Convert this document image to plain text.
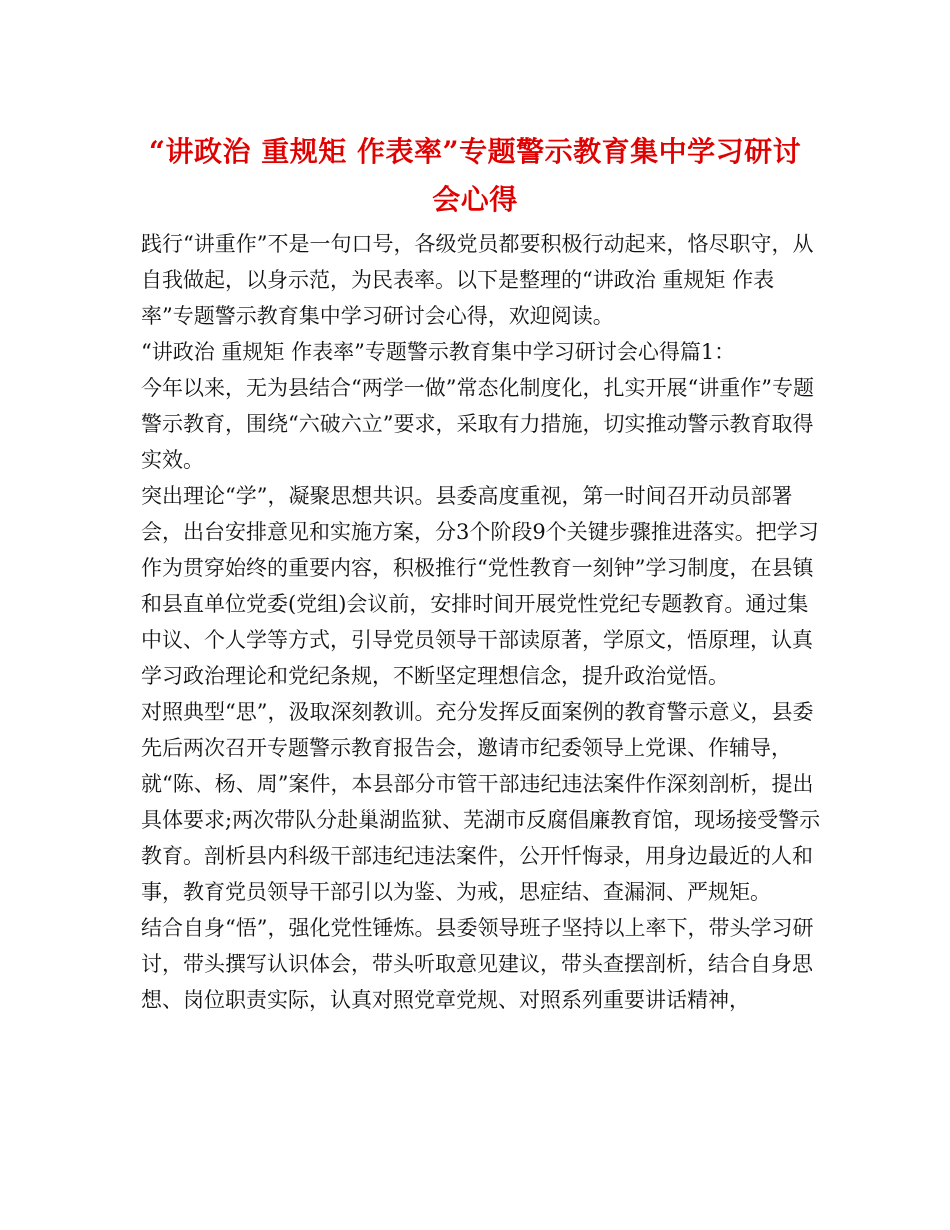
“讲政治 重规矩 作表率”专题警示教育集中学习研讨
会心得

践行“讲重作”不是一句口号，各级党员都要积极行动起来，恪尽职守，从自我做起，以身示范，为民表率。以下是整理的“讲政治 重规矩 作表率”专题警示教育集中学习研讨会心得，欢迎阅读。

“讲政治 重规矩 作表率”专题警示教育集中学习研讨会心得篇1：

今年以来，无为县结合“两学一做”常态化制度化，扎实开展“讲重作”专题警示教育，围绕“六破六立”要求，采取有力措施，切实推动警示教育取得实效。

突出理论“学”，凝聚思想共识。县委高度重视，第一时间召开动员部署会，出台安排意见和实施方案，分3个阶段9个关键步骤推进落实。把学习作为贯穿始终的重要内容，积极推行“党性教育一刻钟”学习制度，在县镇和县直单位党委(党组)会议前，安排时间开展党性党纪专题教育。通过集中议、个人学等方式，引导党员领导干部读原著，学原文，悟原理，认真学习政治理论和党纪条规，不断坚定理想信念，提升政治觉悟。

对照典型“思”，汲取深刻教训。充分发挥反面案例的教育警示意义，县委先后两次召开专题警示教育报告会，邀请市纪委领导上党课、作辅导，就“陈、杨、周”案件，本县部分市管干部违纪违法案件作深刻剖析，提出具体要求;两次带队分赴巢湖监狱、芜湖市反腐倡廉教育馆，现场接受警示教育。剖析县内科级干部违纪违法案件，公开忏悔录，用身边最近的人和事，教育党员领导干部引以为鉴、为戒，思症结、查漏洞、严规矩。

结合自身“悟”，强化党性锤炼。县委领导班子坚持以上率下，带头学习研讨，带头撰写认识体会，带头听取意见建议，带头查摆剖析，结合自身思想、岗位职责实际，认真对照党章党规、对照系列重要讲话精神，
